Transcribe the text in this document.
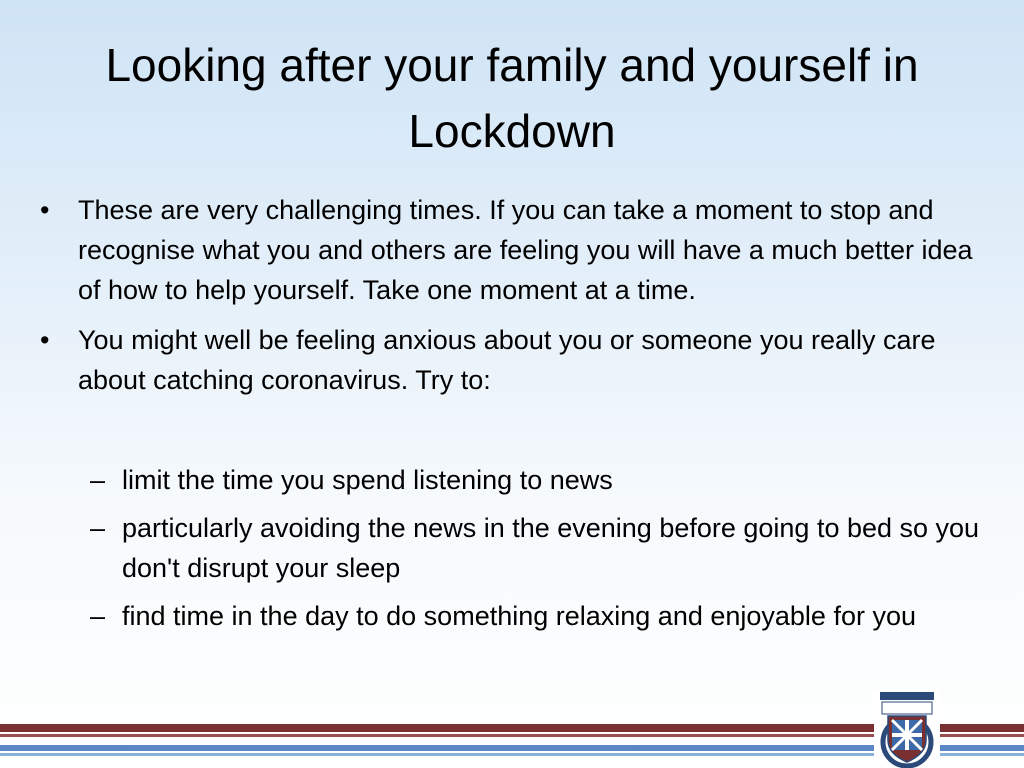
Looking after your family and yourself in Lockdown
• These are very challenging times. If you can take a moment to stop and recognise what you and others are feeling you will have a much better idea of how to help yourself. Take one moment at a time.
• You might well be feeling anxious about you or someone you really care about catching coronavirus. Try to:
– limit the time you spend listening to news
– particularly avoiding the news in the evening before going to bed so you don't disrupt your sleep
– find time in the day to do something relaxing and enjoyable for you
